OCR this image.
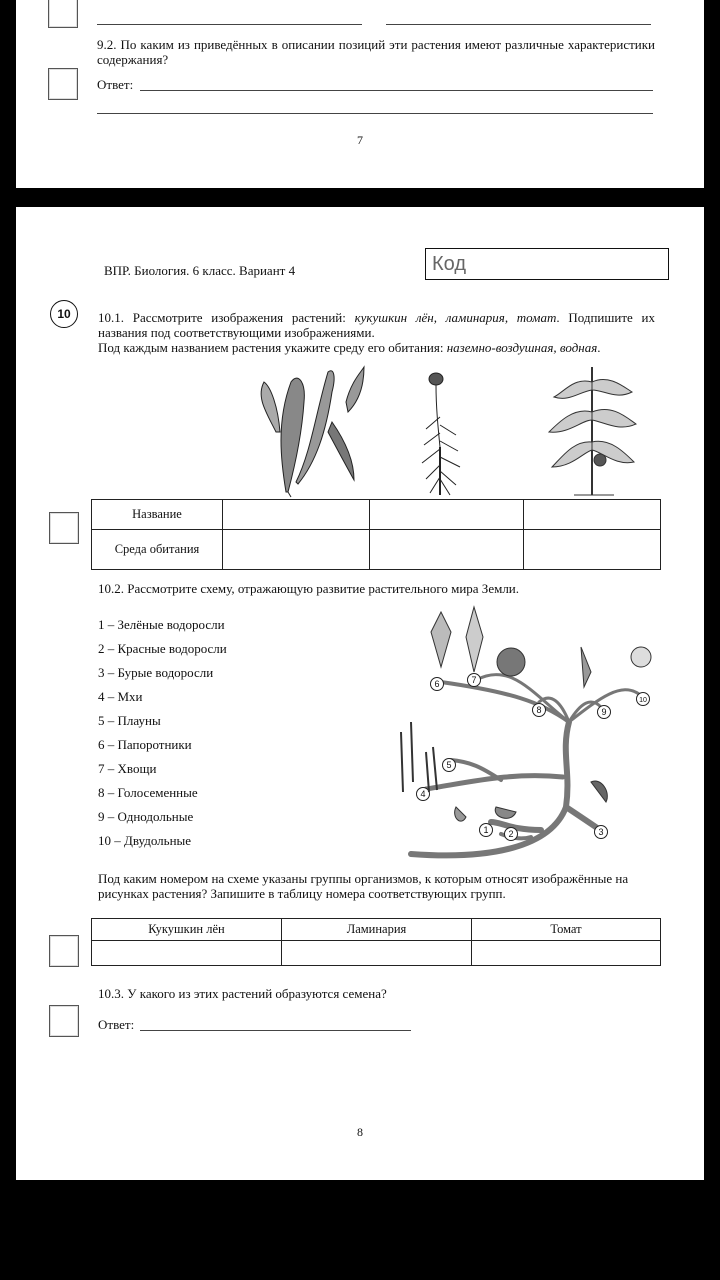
9.2. По каким из приведённых в описании позиций эти растения имеют различные характеристики содержания?
Ответ:
7
ВПР. Биология. 6 класс. Вариант 4	Код
10	10.1. Рассмотрите изображения растений: кукушкин лён, ламинария, томат. Подпишите их
названия под соответствующими изображениями.
Под каждым названием растения укажите среду его обитания: наземно-воздушная, водная.
Название			
Среда обитания			
10.2. Рассмотрите схему, отражающую развитие растительного мира Земли.
1 – Зелёные водоросли
2 – Красные водоросли
3 – Бурые водоросли
4 – Мхи
5 – Плауны
6 – Папоротники
7 – Хвощи
8 – Голосеменные
9 – Однодольные
10 – Двудольные
1 2	3
4
5
6	7
8	9
10
Под каким номером на схеме указаны группы организмов, к которым относят изображённые на
рисунках растения? Запишите в таблицу номера соответствующих групп.
Кукушкин лён	Ламинария	Томат

10.3. У какого из этих растений образуются семена?
Ответ:
8
